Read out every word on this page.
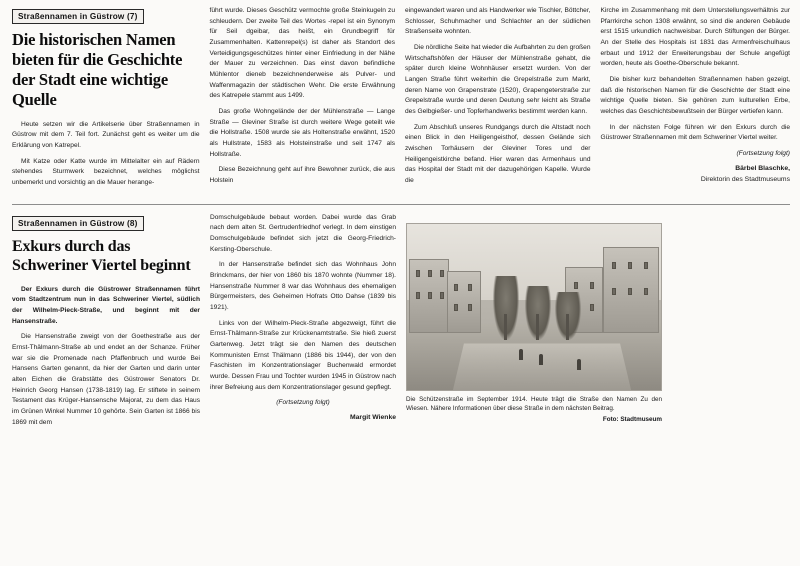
Straßennamen in Güstrow (7)
Die historischen Namen bieten für die Geschichte der Stadt eine wichtige Quelle

Heute setzen wir die Artikelserie über Straßennamen in Güstrow mit dem 7. Teil fort. Zunächst geht es weiter um die Erklärung von Katrepel.

Mit Katze oder Katte wurde im Mittelalter ein auf Rädern stehendes Sturmwerk bezeichnet, welches möglichst unbemerkt und vorsichtig an die Mauer herange-

führt wurde. Dieses Geschütz vermochte große Steinkugeln zu schleudern. Der zweite Teil des Wortes -repel ist ein Synonym für Seil dgeibar, das heißt, ein Grundbegriff für Zusammenhalten. Kattenrepel(s) ist daher als Standort des Verteidigungsgeschützes hinter einer Einfriedung in der Nähe der Mauer zu verzeichnen. Das einst davon befindliche Mühlentor dieneb bezeichnenderweise als Pulver- und Waffenmagazin der städtischen Wehr. Die erste Erwähnung des Katrepele stammt aus 1499.

Das große Wohngelände der der Mühlenstraße — Lange Straße — Gleviner Straße ist durch weitere Wege geteilt wie die Hollstraße. 1508 wurde sie als Holtenstraße erwähnt, 1520 als Hullstrate, 1583 als Holsteinstraße und seit 1747 als Hollstraße.

Diese Bezeichnung geht auf ihre Bewohner zurück, die aus Holstein

eingewandert waren und als Handwerker wie Tischler, Böttcher, Schlosser, Schuhmacher und Schlachter an der südlichen Straßenseite wohnten.

Die nördliche Seite hat wieder die Aufbahrten zu den großen Wirtschaftshöfen der Häuser der Mühlenstraße gehabt, die später durch kleine Wohnhäuser ersetzt wurden. Von der Langen Straße führt weiterhin die Grepelstraße zum Markt, deren Name von Grapenstrate (1520), Grapengeterstraße zur Grepelstraße wurde und deren Deutung sehr leicht als Straße des Gelbgießer- und Topferhandwerks bestimmt werden kann.

Zum Abschluß unseres Rundgangs durch die Altstadt noch einen Blick in den Heiligengeisthof, dessen Gelände sich zwischen Torhäusern der Gleviner Tores und der Heiligengeistkirche befand. Hier waren das Armenhaus und das Hospital der Stadt mit der dazugehörigen Kapelle. Wurde die

Kirche im Zusammenhang mit dem Unterstellungsverhältnis zur Pfarrkirche schon 1308 erwähnt, so sind die anderen Gebäude erst 1515 urkundlich nachweisbar. Durch Stiftungen der Bürger. An der Stelle des Hospitals ist 1831 das Armenfreischulhaus erbaut und 1912 der Erweiterungsbau der Schule angefügt worden, heute als Goethe-Oberschule bekannt.

Die bisher kurz behandelten Straßennamen haben gezeigt, daß die historischen Namen für die Geschichte der Stadt eine wichtige Quelle bieten. Sie gehören zum kulturellen Erbe, welches das Geschichtsbewußtsein der Bürger vertiefen kann.

In der nächsten Folge führen wir den Exkurs durch die Güstrower Straßennamen mit dem Schweriner Viertel weiter.

(Fortsetzung folgt)
Bärbel Blaschke,
Direktorin des Stadtmuseums
Straßennamen in Güstrow (8)
Exkurs durch das Schweriner Viertel beginnt

Der Exkurs durch die Güstrower Straßennamen führt vom Stadtzentrum nun in das Schweriner Viertel, südlich der Wilhelm-Pieck-Straße, und beginnt mit der Hansenstraße.

Die Hansenstraße zweigt von der Goethestraße aus der Ernst-Thälmann-Straße ab und endet an der Schanze. Früher war sie die Promenade nach Pfaffenbruch und wurde Bei Hansens Garten genannt, da hier der Garten und darin unter alten Eichen die Grabstätte des Güstrower Senators Dr. Heinrich Georg Hansen (1738-1819) lag. Er stiftete in seinem Testament das Krüger-Hansensche Majorat, zu dem das Haus im Grünen Winkel Nummer 10 gehörte. Sein Garten ist 1866 bis 1869 mit dem

Domschulgebäude bebaut worden. Dabei wurde das Grab nach dem alten St. Gertrudenfriedhof verlegt. In dem einstigen Domschulgebäude befindet sich jetzt die Georg-Friedrich-Kersting-Oberschule.

In der Hansenstraße befindet sich das Wohnhaus John Brinckmans, der hier von 1860 bis 1870 wohnte (Nummer 18). Hansenstraße Nummer 8 war das Wohnhaus des ehemaligen Bürgermeisters, des Geheimen Hofrats Otto Dahse (1839 bis 1921).

Links von der Wilhelm-Pieck-Straße abgezweigt, führt die Ernst-Thälmann-Straße zur Krückenamtstraße. Sie hieß zuerst Gartenweg. Jetzt trägt sie den Namen des deutschen Kommunisten Ernst Thälmann (1886 bis 1944), der von den Faschisten im Konzentrationslager Buchenwald ermordet wurde. Dessen Frau und Tochter wurden 1945 in Güstrow nach ihrer Befreiung aus dem Konzentrationslager gesund gepflegt.

(Fortsetzung folgt)
Margit Wienke
Die Schützenstraße im September 1914. Heute trägt die Straße den Namen Zu den Wiesen. Nähere Informationen über diese Straße in dem nächsten Beitrag.
Foto: Stadtmuseum
